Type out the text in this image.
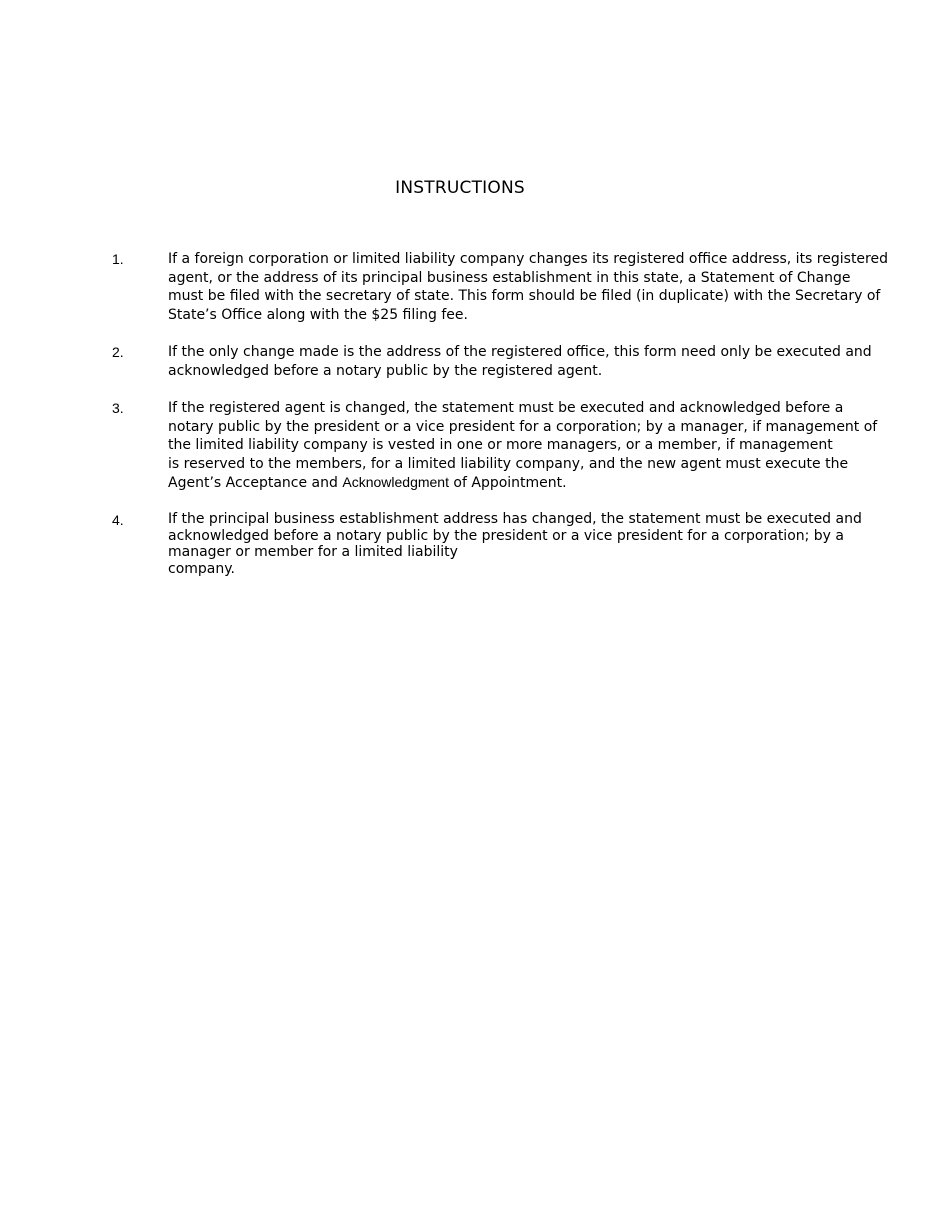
INSTRUCTIONS
1.	If a foreign corporation or limited liability company changes its registered office address, its registered
agent, or the address of its principal business establishment in this state, a Statement of Change
must be filed with the secretary of state. This form should be filed (in duplicate) with the Secretary of
State’s Office along with the $25 filing fee.
2.	If the only change made is the address of the registered office, this form need only be executed and
acknowledged before a notary public by the registered agent.
3.	If the registered agent is changed, the statement must be executed and acknowledged before a
notary public by the president or a vice president for a corporation; by a manager, if management of
the limited liability company is vested in one or more managers, or a member, if management
is reserved to the members, for a limited liability company, and the new agent must execute the
Agent’s Acceptance and Acknowledgment of Appointment.
4.	If the principal business establishment address has changed, the statement must be executed and
acknowledged before a notary public by the president or a vice president for a corporation; by a
manager or member for a limited liability
company.
